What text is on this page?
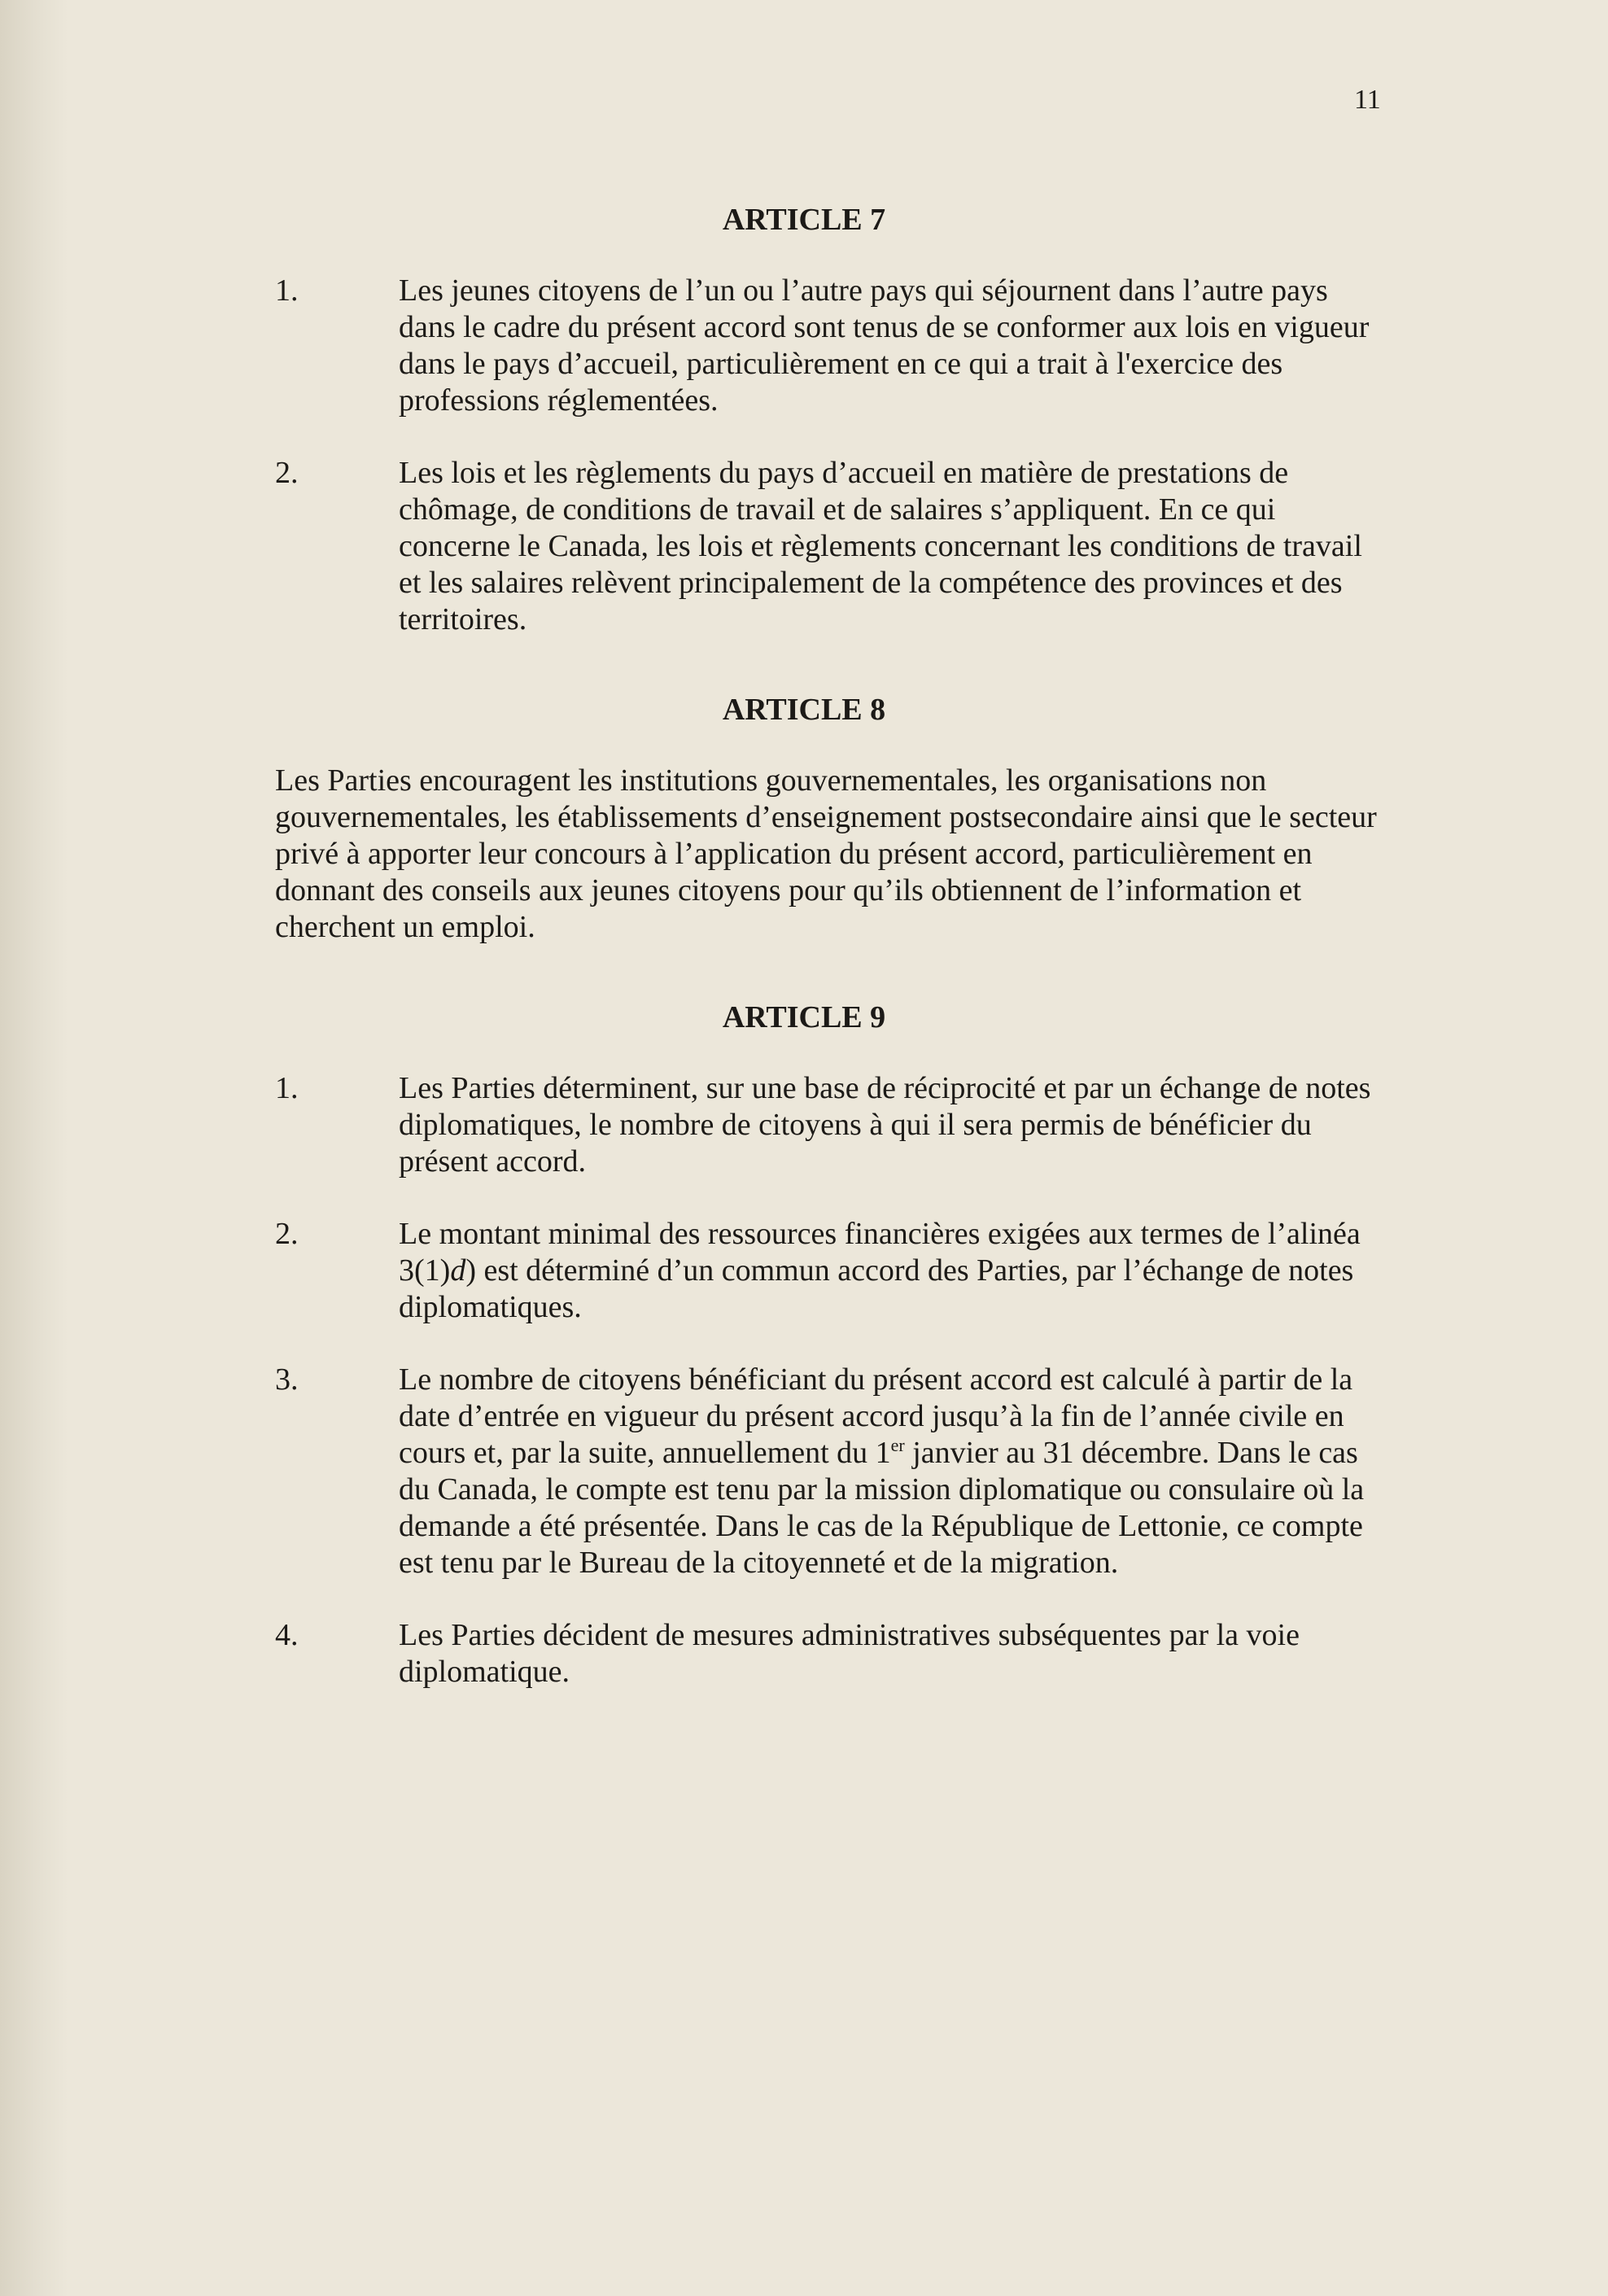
11

ARTICLE 7

1.	Les jeunes citoyens de l’un ou l’autre pays qui séjournent dans l’autre pays dans le cadre du présent accord sont tenus de se conformer aux lois en vigueur dans le pays d’accueil, particulièrement en ce qui a trait à l'exercice des professions réglementées.
2.	Les lois et les règlements du pays d’accueil en matière de prestations de chômage, de conditions de travail et de salaires s’appliquent. En ce qui concerne le Canada, les lois et règlements concernant les conditions de travail et les salaires relèvent principalement de la compétence des provinces et des territoires.

ARTICLE 8

Les Parties encouragent les institutions gouvernementales, les organisations non gouvernementales, les établissements d’enseignement postsecondaire ainsi que le secteur privé à apporter leur concours à l’application du présent accord, particulièrement en donnant des conseils aux jeunes citoyens pour qu’ils obtiennent de l’information et cherchent un emploi.

ARTICLE 9

1.	Les Parties déterminent, sur une base de réciprocité et par un échange de notes diplomatiques, le nombre de citoyens à qui il sera permis de bénéficier du présent accord.
2.	Le montant minimal des ressources financières exigées aux termes de l’alinéa 3(1)d) est déterminé d’un commun accord des Parties, par l’échange de notes diplomatiques.
3.	Le nombre de citoyens bénéficiant du présent accord est calculé à partir de la date d’entrée en vigueur du présent accord jusqu’à la fin de l’année civile en cours et, par la suite, annuellement du 1er janvier au 31 décembre. Dans le cas du Canada, le compte est tenu par la mission diplomatique ou consulaire où la demande a été présentée. Dans le cas de la République de Lettonie, ce compte est tenu par le Bureau de la citoyenneté et de la migration.
4.	Les Parties décident de mesures administratives subséquentes par la voie diplomatique.
